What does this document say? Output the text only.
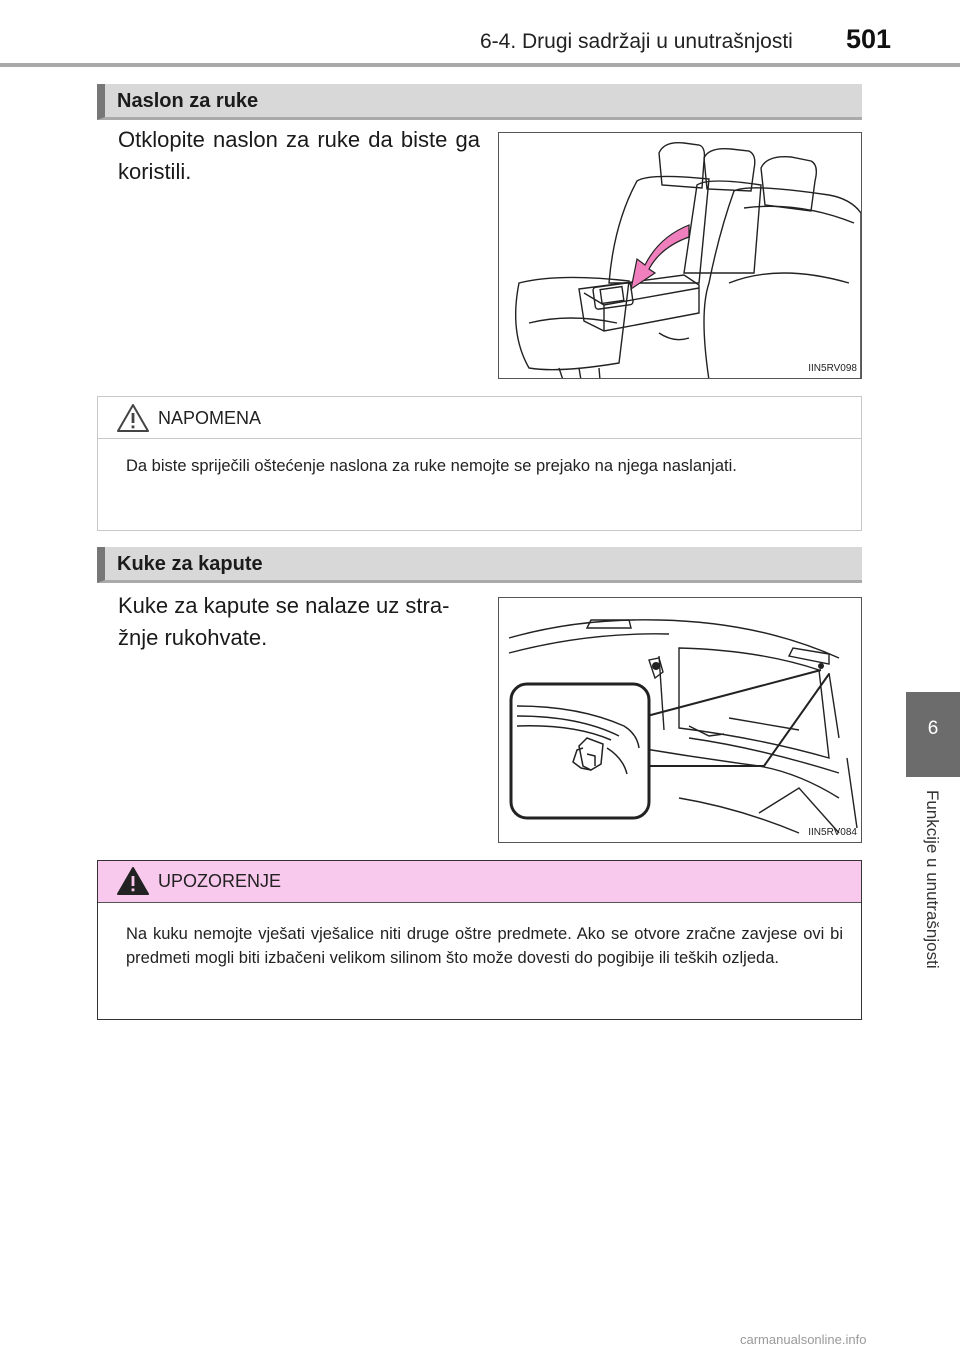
6-4. Drugi sadržaji u unutrašnjosti 501
6
Funkcije u unutrašnjosti
Naslon za ruke
Otklopite naslon za ruke da biste ga koristili.
IIN5RV098
NAPOMENA
Da biste spriječili oštećenje naslona za ruke nemojte se prejako na njega naslanjati.
Kuke za kapute
Kuke za kapute se nalaze uz stra-žnje rukohvate.
IIN5RV084
UPOZORENJE
Na kuku nemojte vješati vješalice niti druge oštre predmete. Ako se otvore zračne zavjese ovi bi predmeti mogli biti izbačeni velikom silinom što može dovesti do pogibije ili teških ozljeda.
carmanualsonline.info
